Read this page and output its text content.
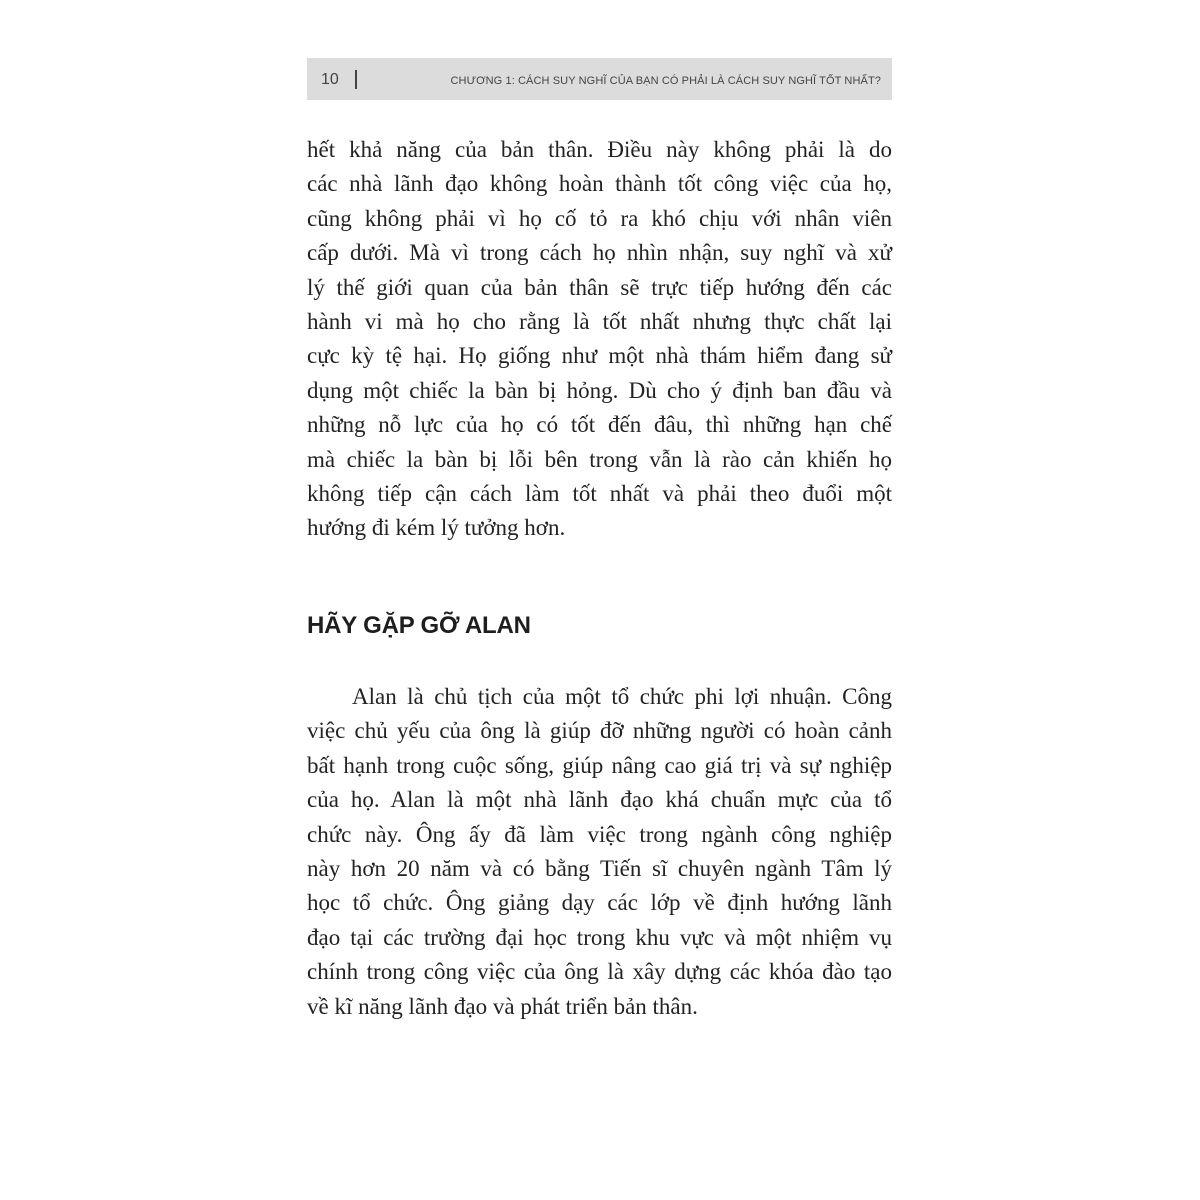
10	CHƯƠNG 1: CÁCH SUY NGHĨ CỦA BẠN CÓ PHẢI LÀ CÁCH SUY NGHĨ TỐT NHẤT?
hết khả năng của bản thân. Điều này không phải là do
các nhà lãnh đạo không hoàn thành tốt công việc của họ,
cũng không phải vì họ cố tỏ ra khó chịu với nhân viên
cấp dưới. Mà vì trong cách họ nhìn nhận, suy nghĩ và xử
lý thế giới quan của bản thân sẽ trực tiếp hướng đến các
hành vi mà họ cho rằng là tốt nhất nhưng thực chất lại
cực kỳ tệ hại. Họ giống như một nhà thám hiểm đang sử
dụng một chiếc la bàn bị hỏng. Dù cho ý định ban đầu và
những nỗ lực của họ có tốt đến đâu, thì những hạn chế
mà chiếc la bàn bị lỗi bên trong vẫn là rào cản khiến họ
không tiếp cận cách làm tốt nhất và phải theo đuổi một
hướng đi kém lý tưởng hơn.
HÃY GẶP GỠ ALAN
Alan là chủ tịch của một tổ chức phi lợi nhuận. Công
việc chủ yếu của ông là giúp đỡ những người có hoàn cảnh
bất hạnh trong cuộc sống, giúp nâng cao giá trị và sự nghiệp
của họ. Alan là một nhà lãnh đạo khá chuẩn mực của tổ
chức này. Ông ấy đã làm việc trong ngành công nghiệp
này hơn 20 năm và có bằng Tiến sĩ chuyên ngành Tâm lý
học tổ chức. Ông giảng dạy các lớp về định hướng lãnh
đạo tại các trường đại học trong khu vực và một nhiệm vụ
chính trong công việc của ông là xây dựng các khóa đào tạo
về kĩ năng lãnh đạo và phát triển bản thân.
